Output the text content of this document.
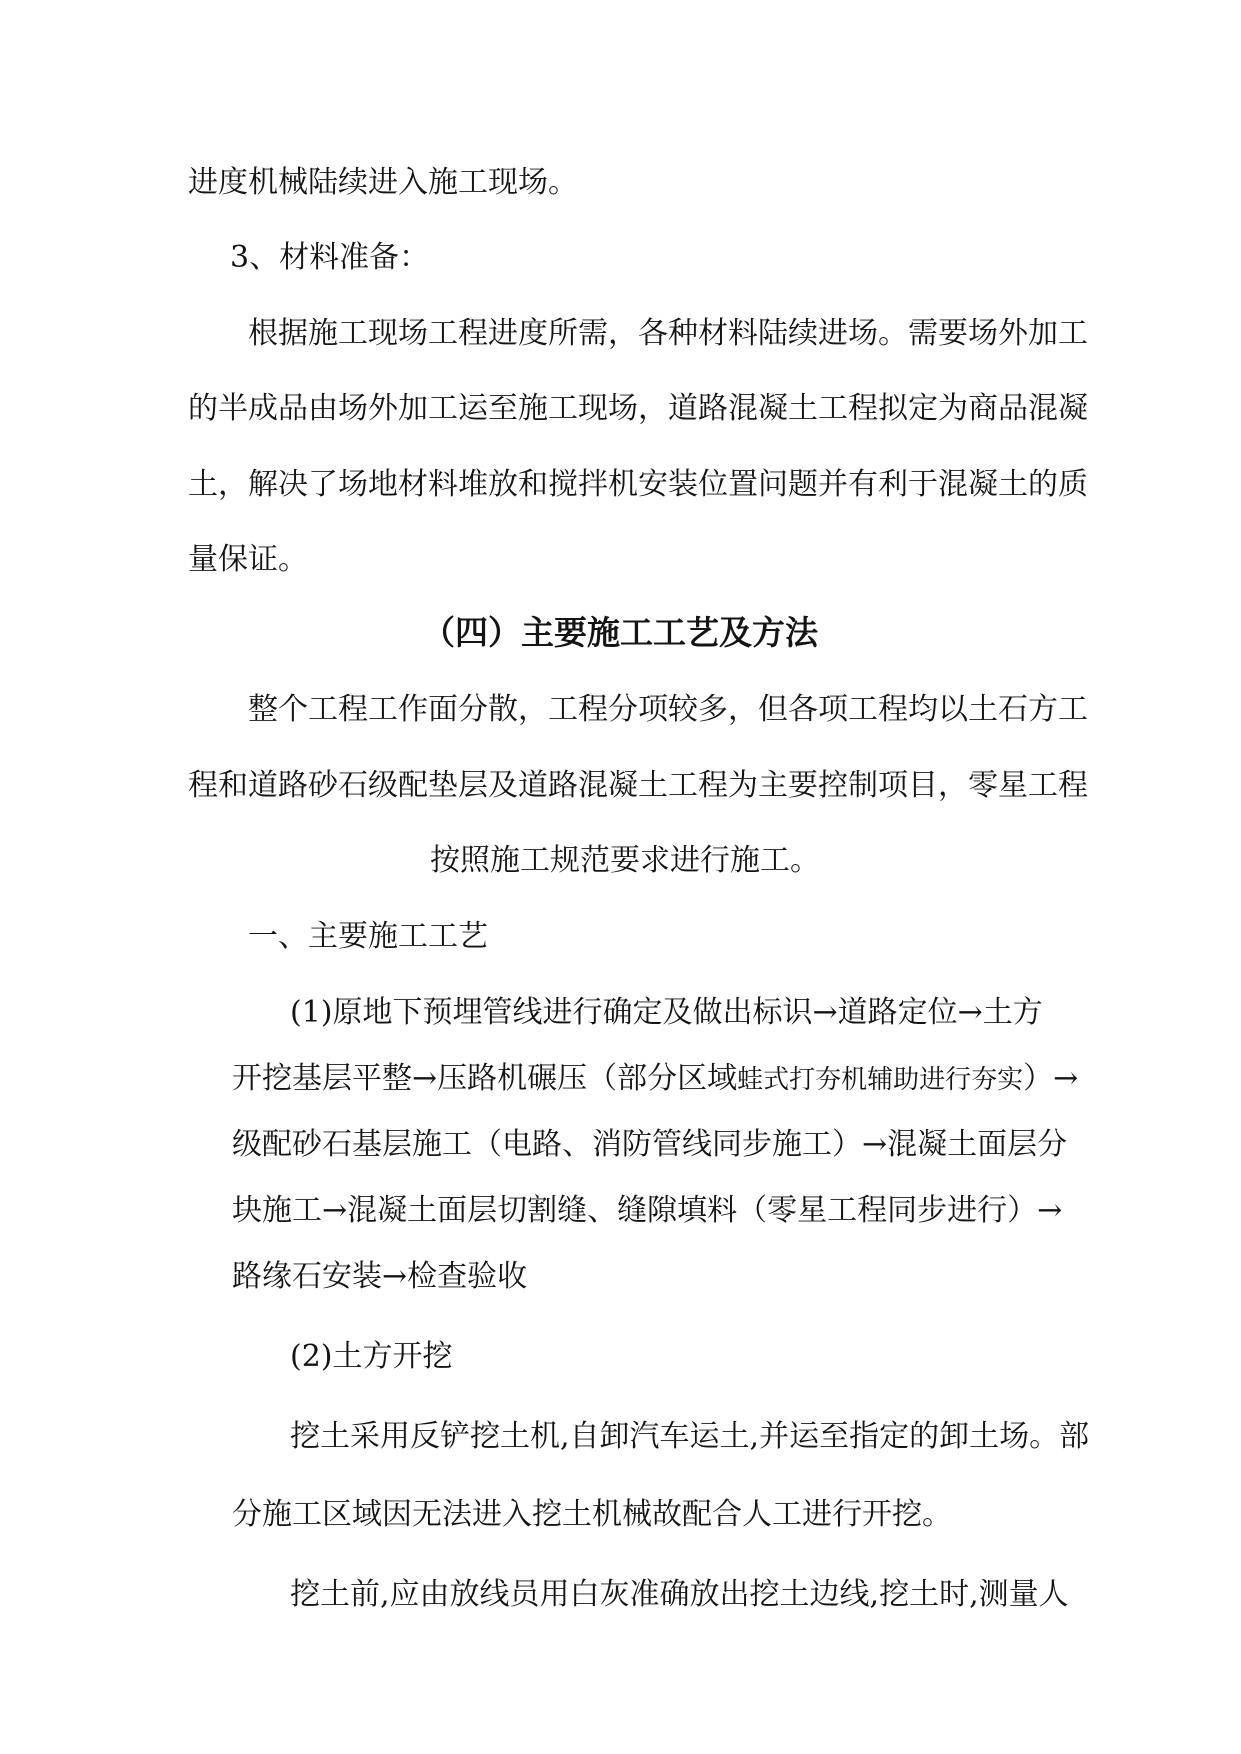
进度机械陆续进入施工现场。
3、材料准备：
根据施工现场工程进度所需，各种材料陆续进场。需要场外加工
的半成品由场外加工运至施工现场，道路混凝土工程拟定为商品混凝
土，解决了场地材料堆放和搅拌机安装位置问题并有利于混凝土的质
量保证。
（四）主要施工工艺及方法
整个工程工作面分散，工程分项较多，但各项工程均以土石方工
程和道路砂石级配垫层及道路混凝土工程为主要控制项目，零星工程
按照施工规范要求进行施工。
一、主要施工工艺
(1)原地下预埋管线进行确定及做出标识→道路定位→土方
开挖基层平整→压路机碾压（部分区域蛙式打夯机辅助进行夯实）→
级配砂石基层施工（电路、消防管线同步施工）→混凝土面层分
块施工→混凝土面层切割缝、缝隙填料（零星工程同步进行）→
路缘石安装→检查验收
(2)土方开挖
挖土采用反铲挖土机,自卸汽车运土,并运至指定的卸土场。部
分施工区域因无法进入挖土机械故配合人工进行开挖。
挖土前,应由放线员用白灰准确放出挖土边线,挖土时,测量人
